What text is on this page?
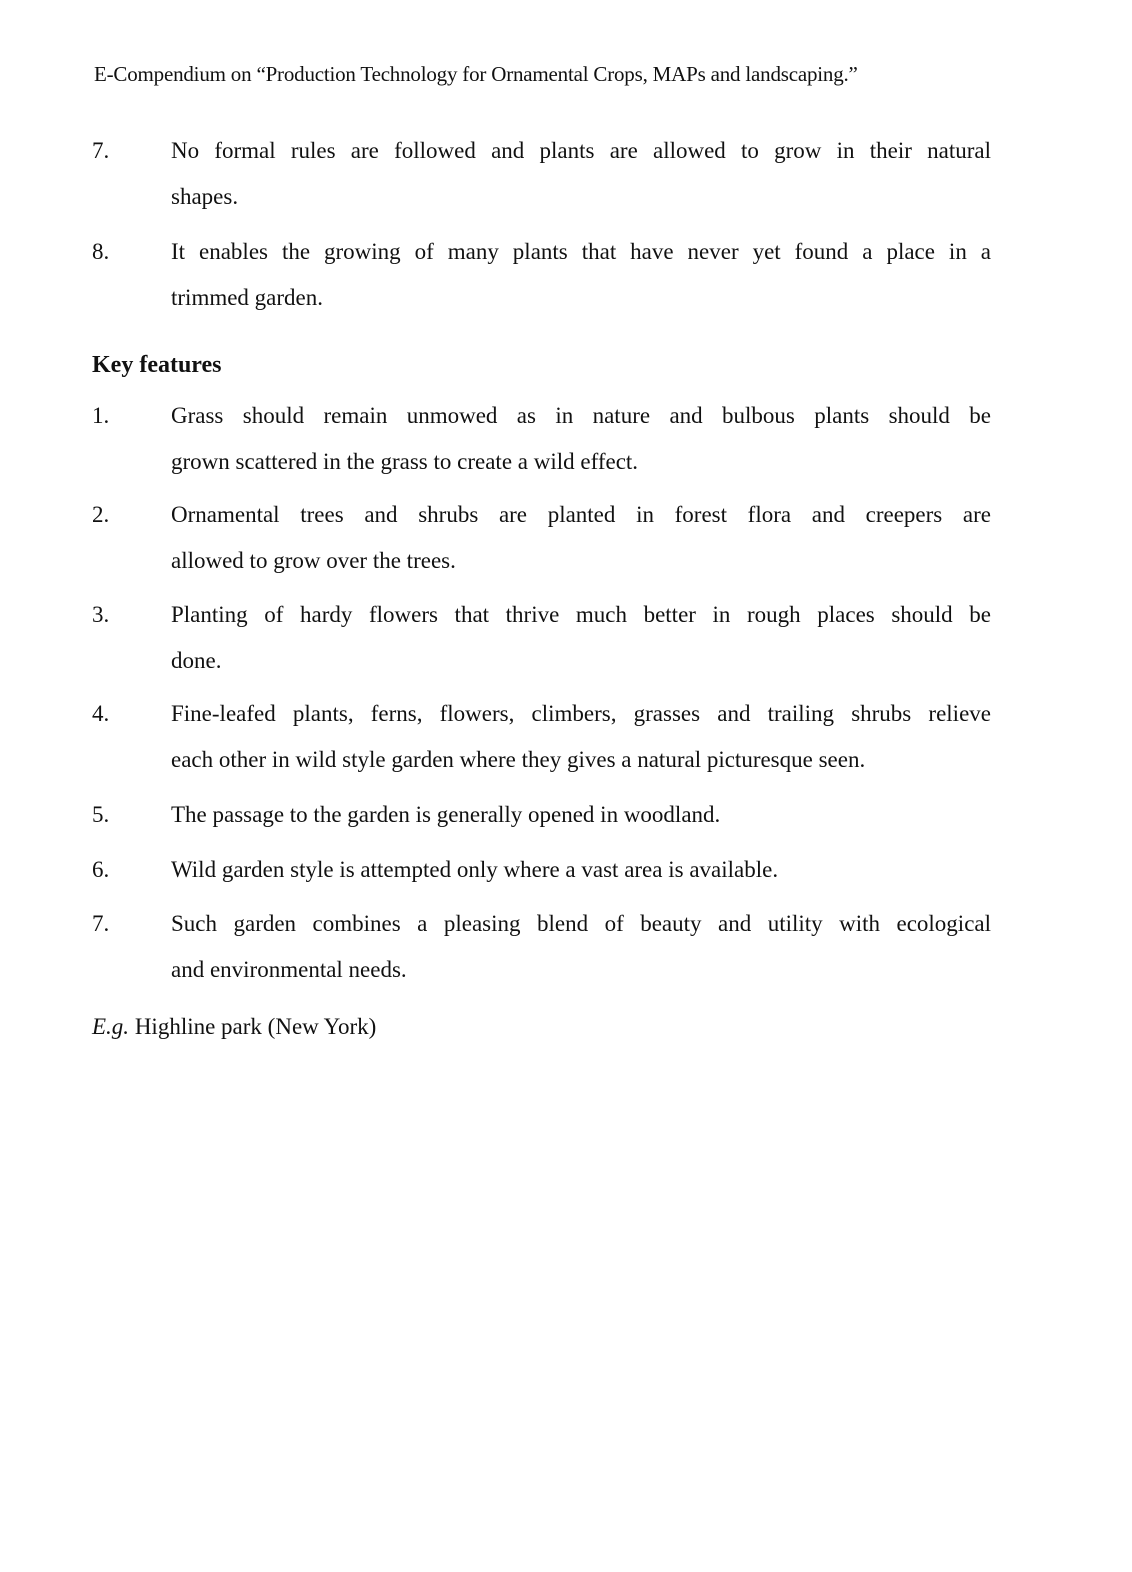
E-Compendium on “Production Technology for Ornamental Crops, MAPs and landscaping.”
7.	No formal rules are followed and plants are allowed to grow in their natural
shapes.
8.	It enables the growing of many plants that have never yet found a place in a
trimmed garden.
Key features
1.	Grass should remain unmowed as in nature and bulbous plants should be
grown scattered in the grass to create a wild effect.
2.	Ornamental trees and shrubs are planted in forest flora and creepers are
allowed to grow over the trees.
3.	Planting of hardy flowers that thrive much better in rough places should be
done.
4.	Fine-leafed plants, ferns, flowers, climbers, grasses and trailing shrubs relieve
each other in wild style garden where they gives a natural picturesque seen.
5.	The passage to the garden is generally opened in woodland.
6.	Wild garden style is attempted only where a vast area is available.
7.	Such garden combines a pleasing blend of beauty and utility with ecological
and environmental needs.
E.g. Highline park (New York)
